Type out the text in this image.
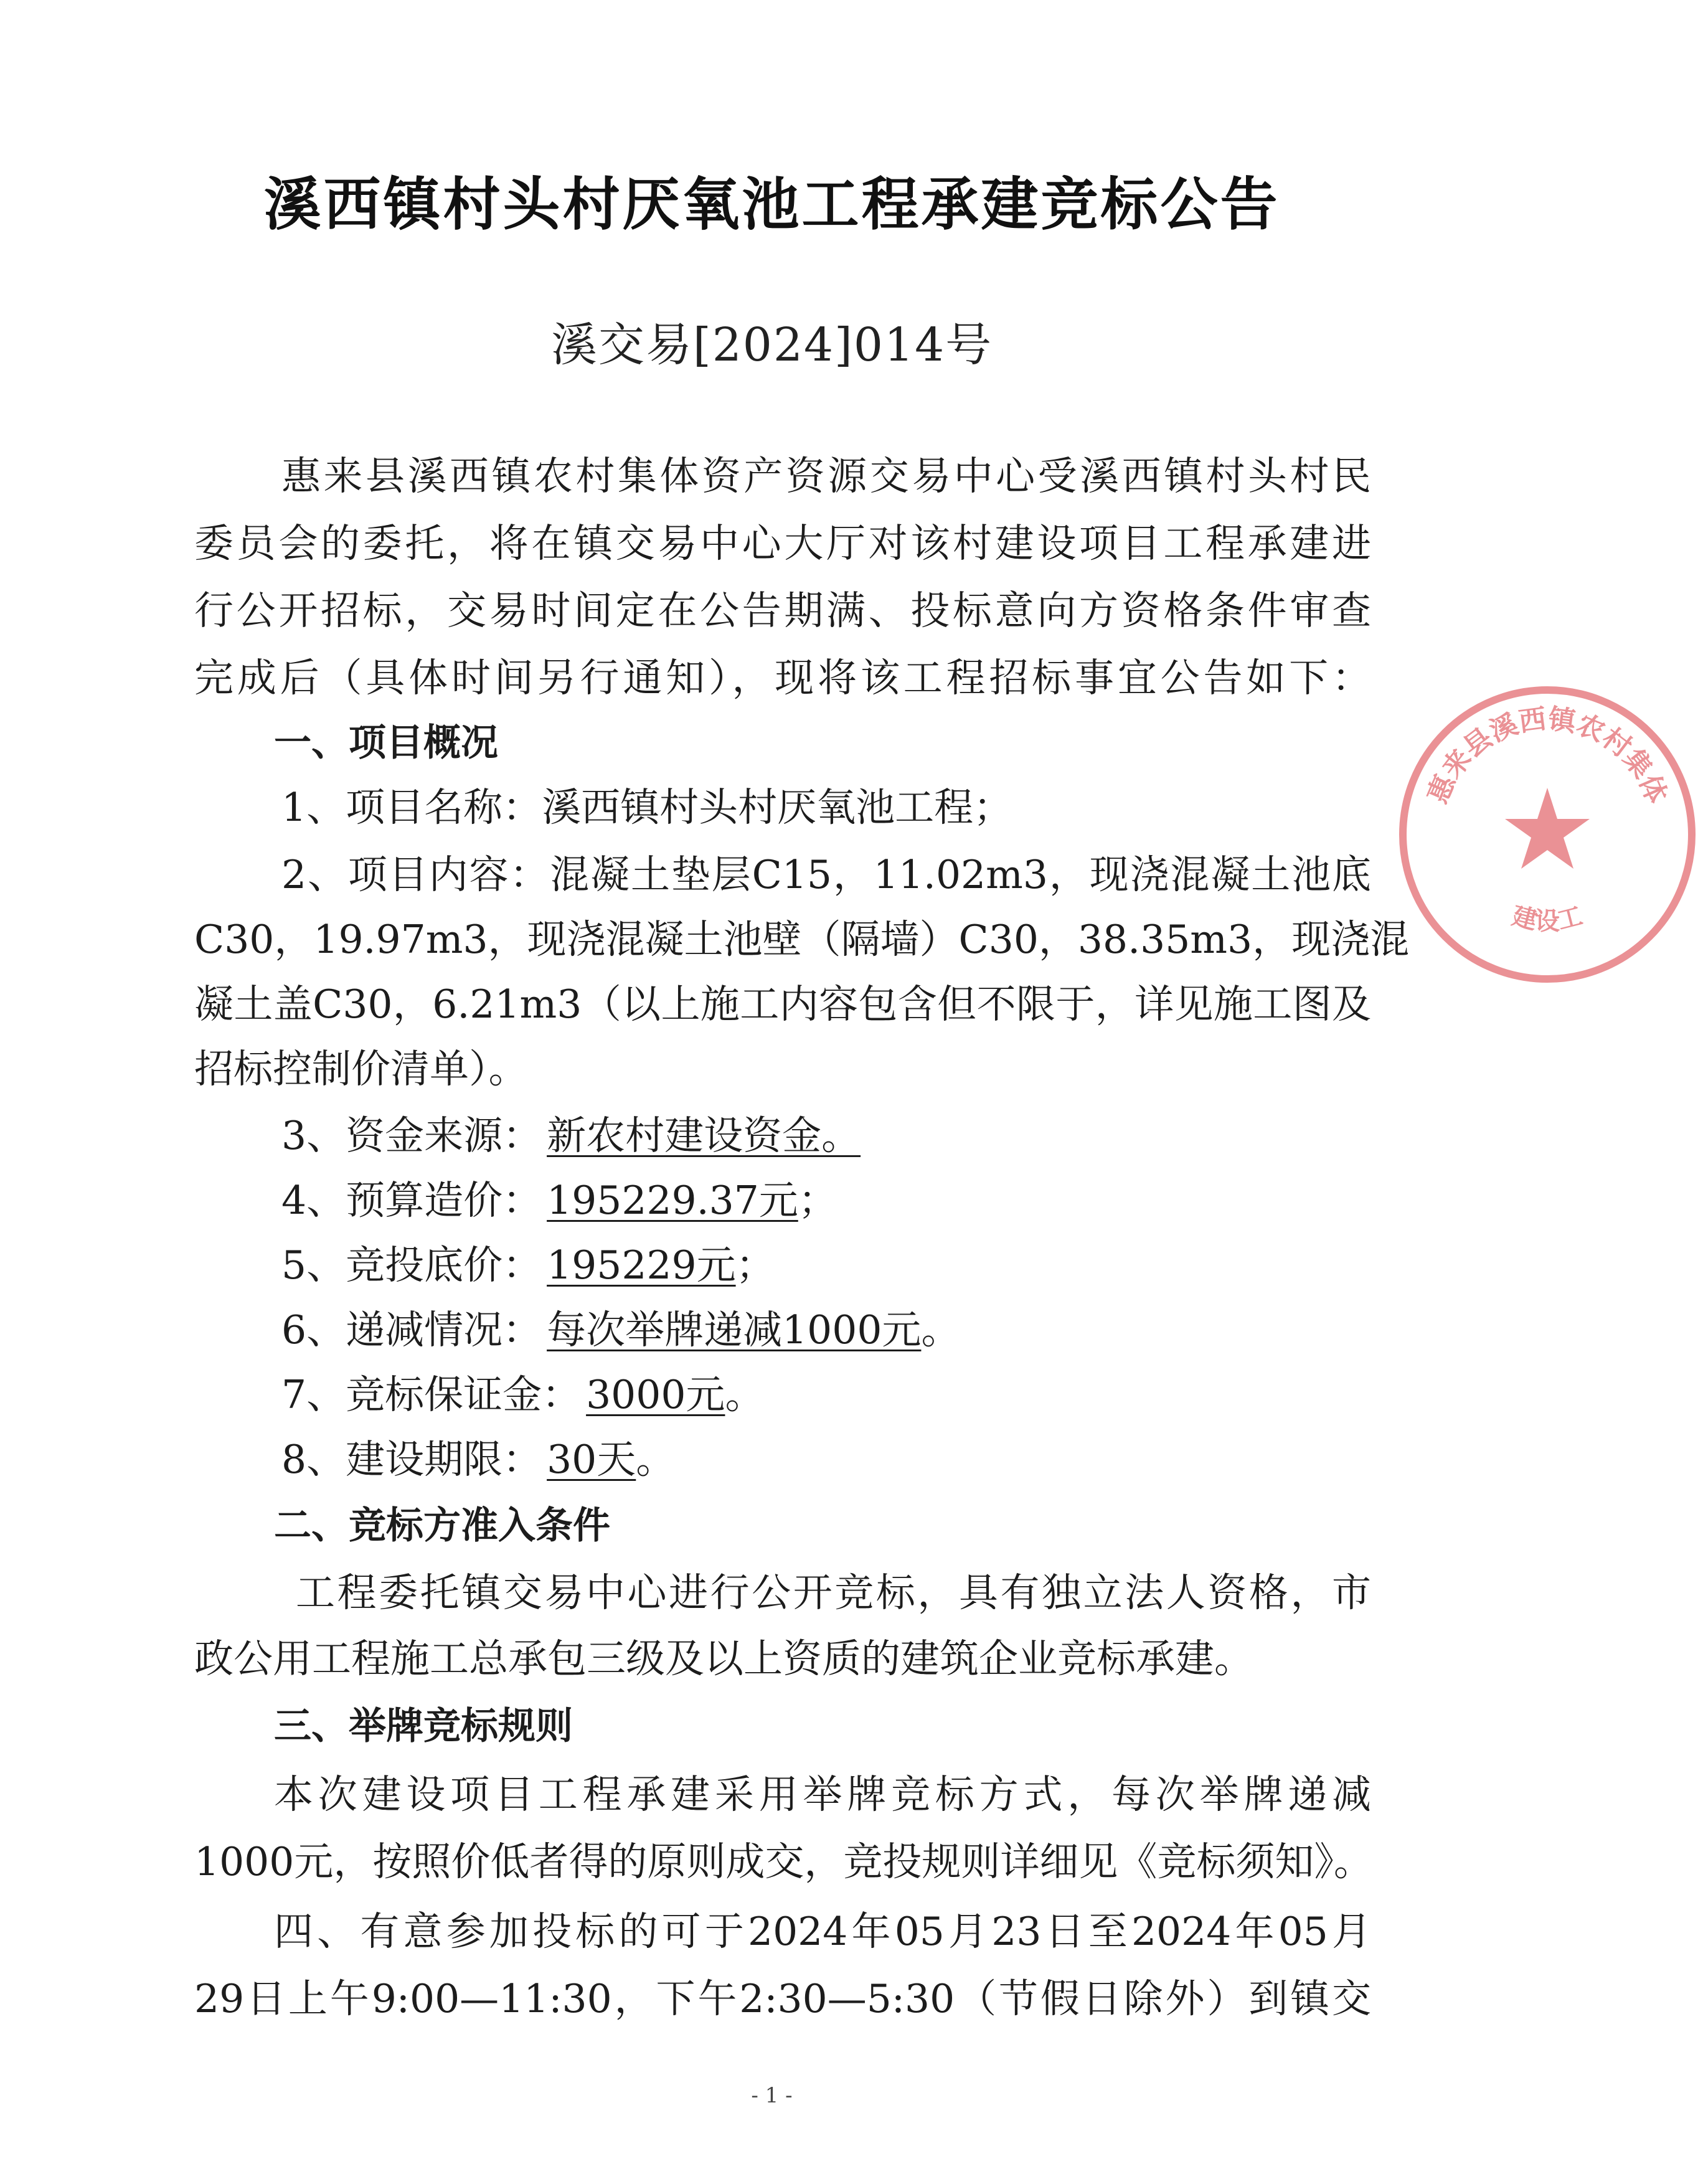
溪西镇村头村厌氧池工程承建竞标公告
溪交易[2024]014号
惠来县溪西镇农村集体资产资源交易中心受溪西镇村头村民
委员会的委托，将在镇交易中心大厅对该村建设项目工程承建进
行公开招标，交易时间定在公告期满、投标意向方资格条件审查
完成后（具体时间另行通知），现将该工程招标事宜公告如下：
一、项目概况
1、项目名称：溪西镇村头村厌氧池工程；
2、项目内容：混凝土垫层C15，11.02m3，现浇混凝土池底
C30，19.97m3，现浇混凝土池壁（隔墙）C30，38.35m3，现浇混
凝土盖C30，6.21m3（以上施工内容包含但不限于，详见施工图及
招标控制价清单）。
3、资金来源： 新农村建设资金。
4、预算造价： 195229.37元；
5、竞投底价： 195229元；
6、递减情况： 每次举牌递减1000元。
7、竞标保证金： 3000元。
8、建设期限： 30天。
二、竞标方准入条件
工程委托镇交易中心进行公开竞标，具有独立法人资格，市
政公用工程施工总承包三级及以上资质的建筑企业竞标承建。
三、举牌竞标规则
本次建设项目工程承建采用举牌竞标方式，每次举牌递减
1000元，按照价低者得的原则成交，竞投规则详细见《竞标须知》。
四、有意参加投标的可于2024年05月23日至2024年05月
29日上午9:00—11:30，下午2:30—5:30（节假日除外）到镇交
- 1 -
惠来县溪西镇农村集体
建设工
